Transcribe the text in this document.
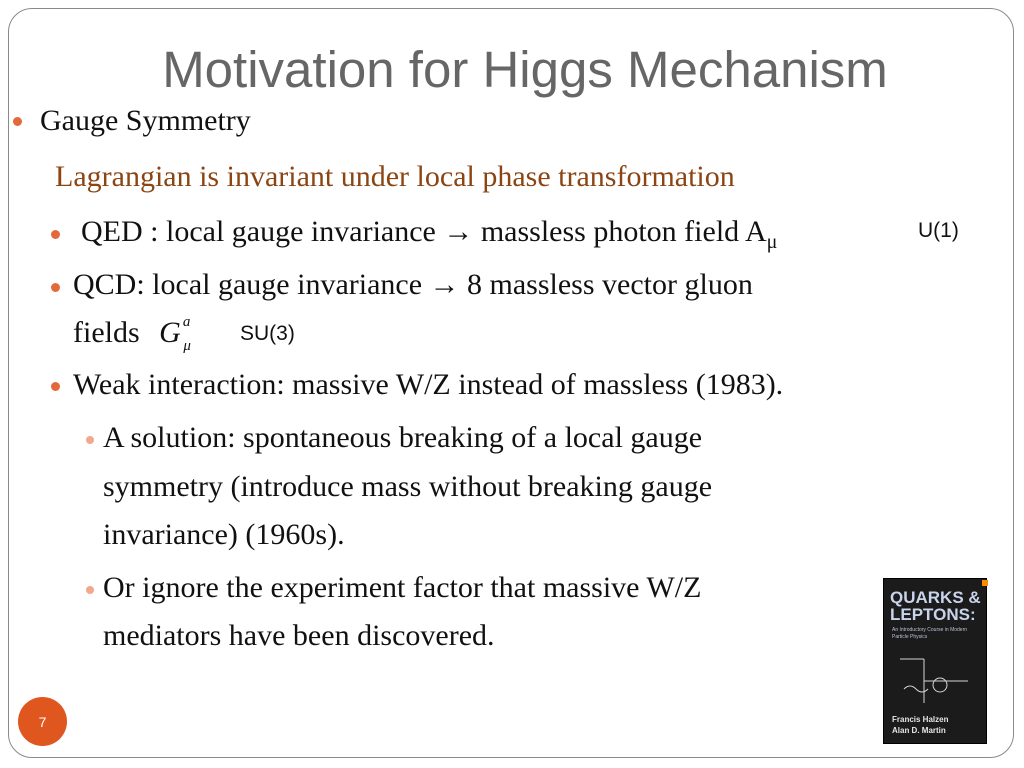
Motivation for Higgs Mechanism
Gauge Symmetry
Lagrangian is invariant under local phase transformation
QED : local gauge invariance → massless photon field $A_\mu$	U(1)
QCD: local gauge invariance → 8 massless vector gluon
fields G $^a_\mu$
SU(3)
Weak interaction: massive W/Z instead of massless (1983).
A solution: spontaneous breaking of a local gauge
symmetry (introduce mass without breaking gauge
invariance) (1960s).
Or ignore the experiment factor that massive W/Z
mediators have been discovered.
QUARKS &
LEPTONS:
An Introductory Course in Modern Particle Physics
Francis Halzen
Alan D. Martin
7
